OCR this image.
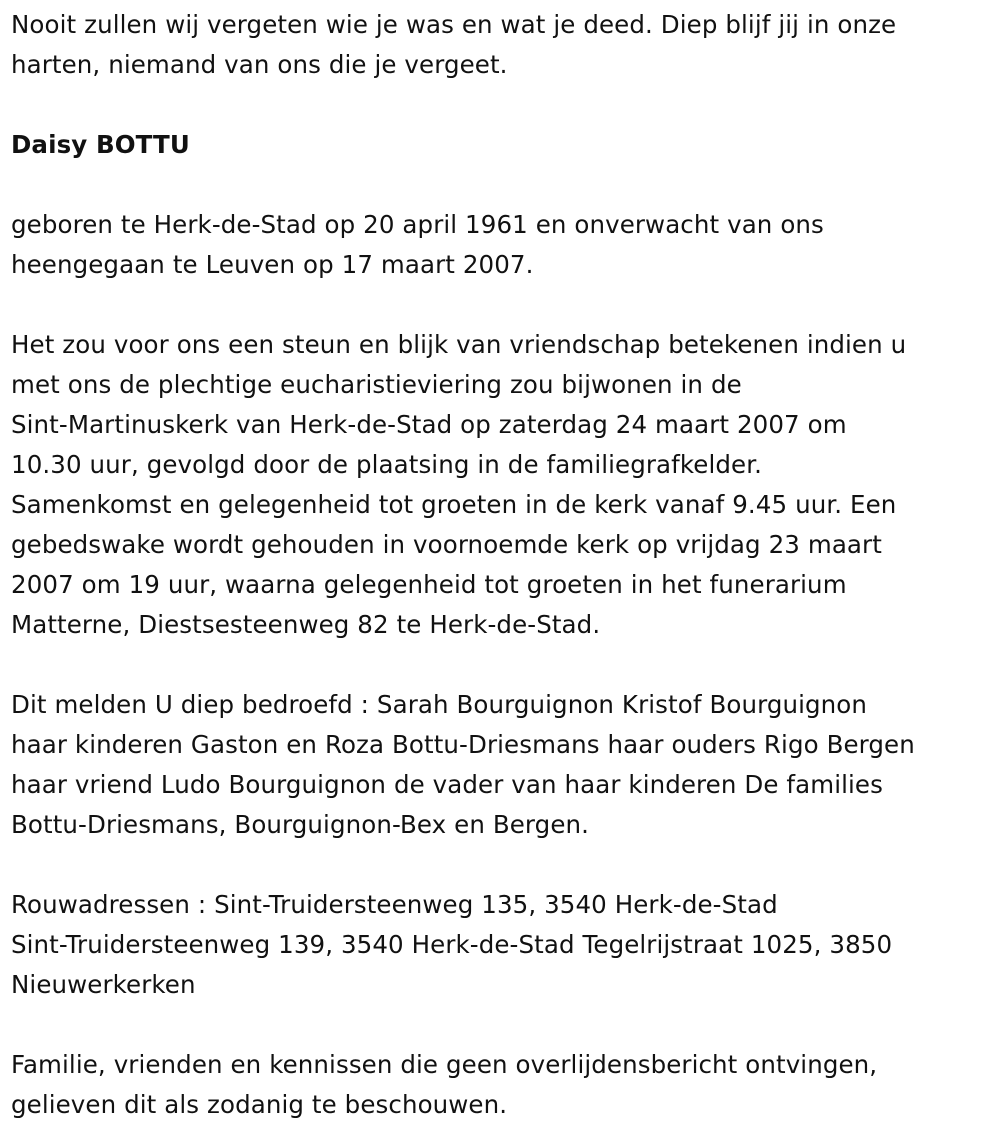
Nooit zullen wij vergeten wie je was en wat je deed. Diep blijf jij in onze
harten, niemand van ons die je vergeet.

Daisy BOTTU

geboren te Herk-de-Stad op 20 april 1961 en onverwacht van ons
heengegaan te Leuven op 17 maart 2007.

Het zou voor ons een steun en blijk van vriendschap betekenen indien u
met ons de plechtige eucharistieviering zou bijwonen in de
Sint-Martinuskerk van Herk-de-Stad op zaterdag 24 maart 2007 om
10.30 uur, gevolgd door de plaatsing in de familiegrafkelder.
Samenkomst en gelegenheid tot groeten in de kerk vanaf 9.45 uur. Een
gebedswake wordt gehouden in voornoemde kerk op vrijdag 23 maart
2007 om 19 uur, waarna gelegenheid tot groeten in het funerarium
Matterne, Diestsesteenweg 82 te Herk-de-Stad.

Dit melden U diep bedroefd : Sarah Bourguignon Kristof Bourguignon
haar kinderen Gaston en Roza Bottu-Driesmans haar ouders Rigo Bergen
haar vriend Ludo Bourguignon de vader van haar kinderen De families
Bottu-Driesmans, Bourguignon-Bex en Bergen.

Rouwadressen : Sint-Truidersteenweg 135, 3540 Herk-de-Stad
Sint-Truidersteenweg 139, 3540 Herk-de-Stad Tegelrijstraat 1025, 3850
Nieuwerkerken

Familie, vrienden en kennissen die geen overlijdensbericht ontvingen,
gelieven dit als zodanig te beschouwen.
